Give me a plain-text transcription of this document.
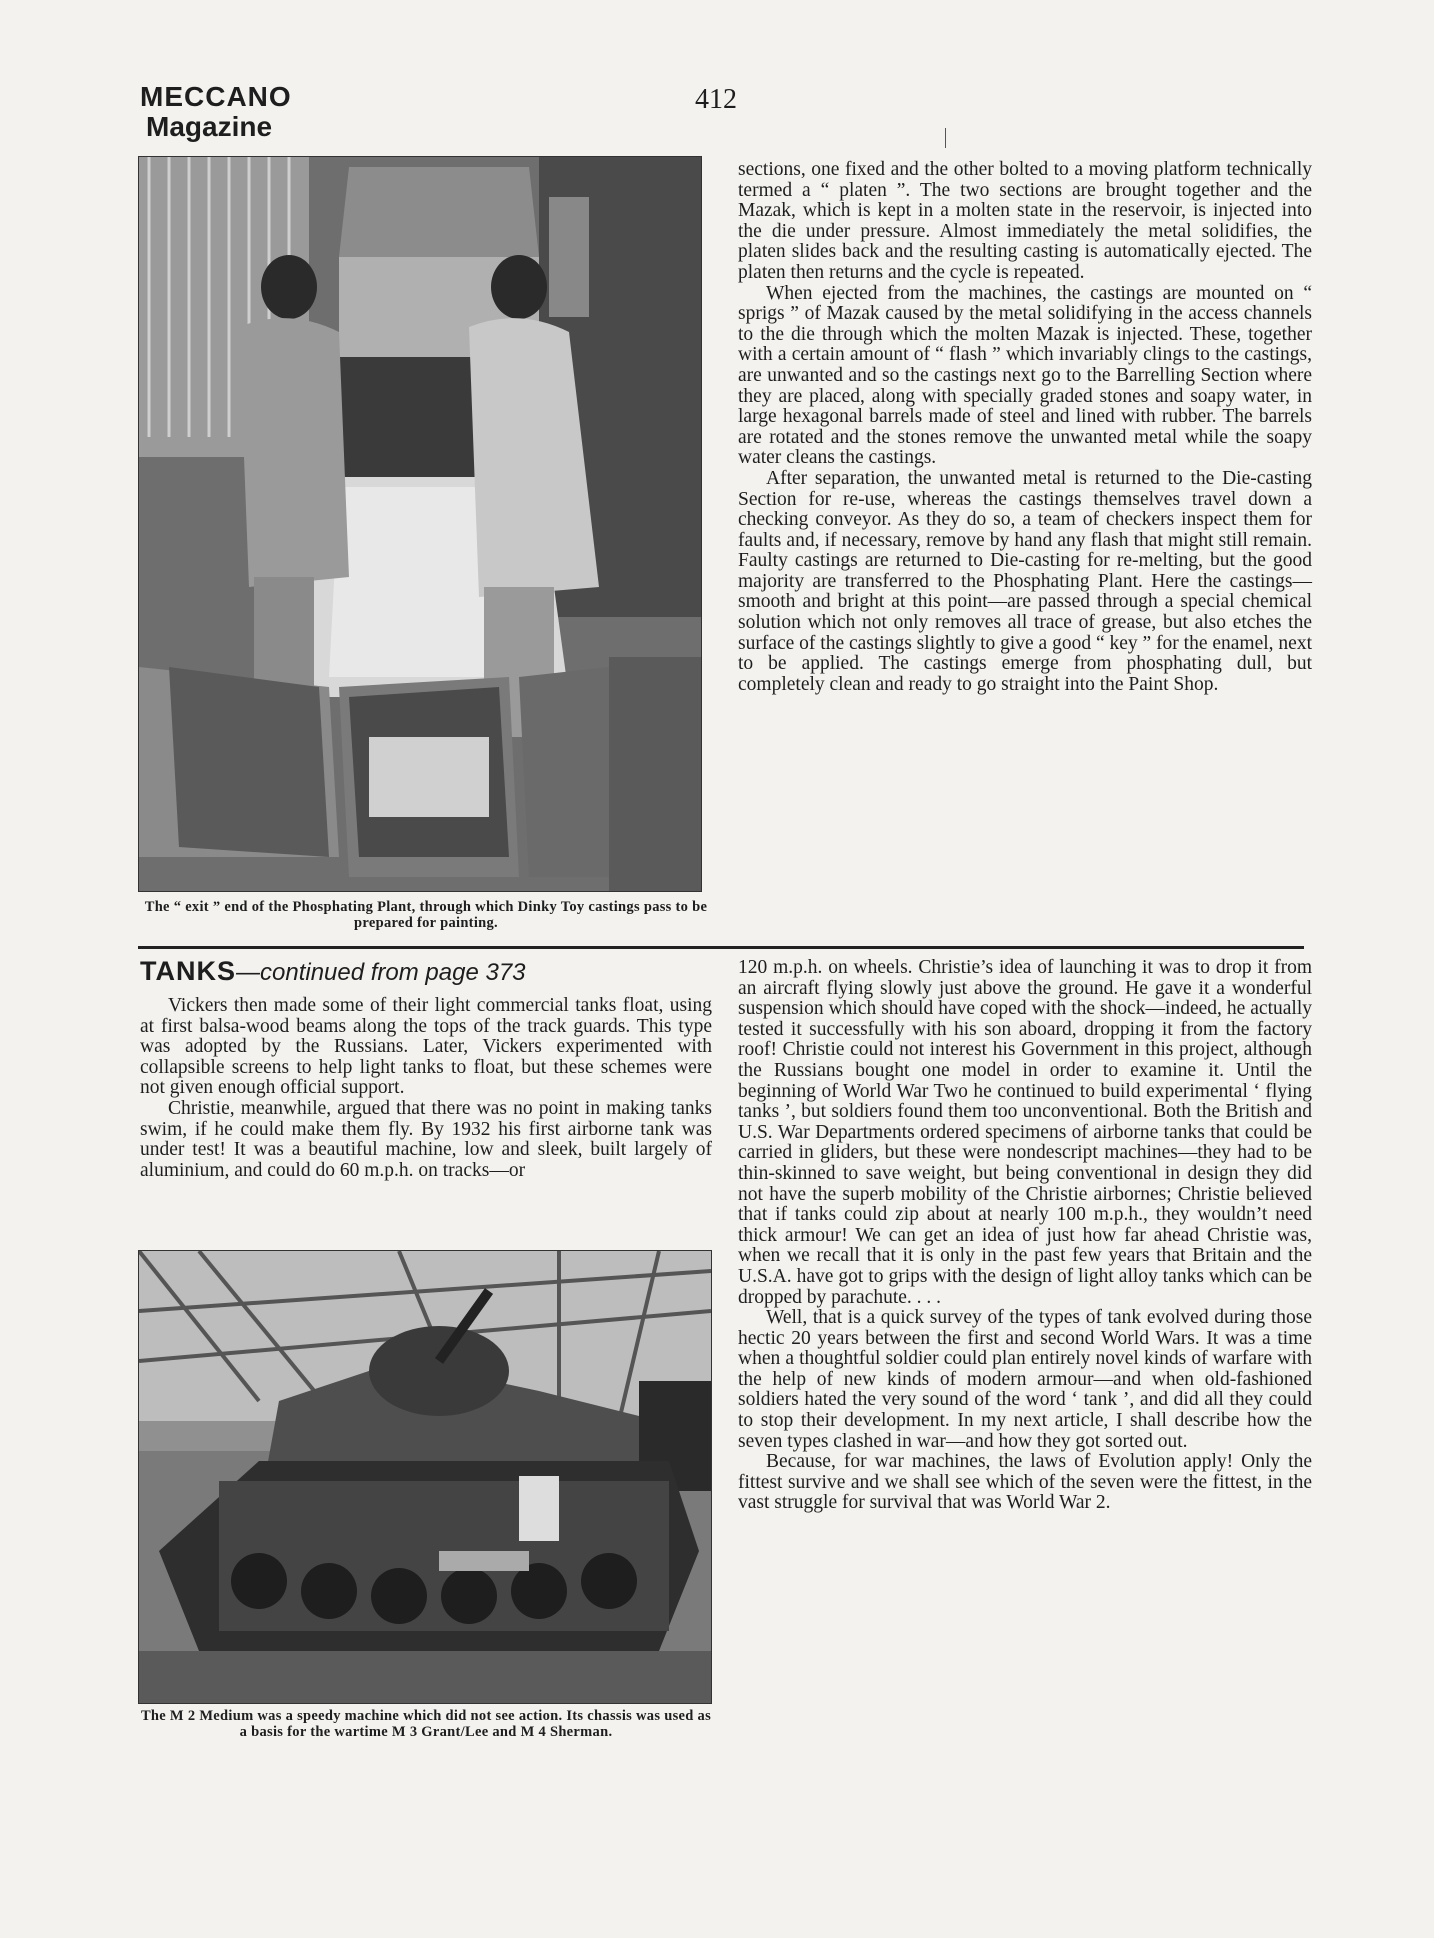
MECCANO
Magazine
412
The “ exit ” end of the Phosphating Plant, through which Dinky Toy castings pass to be prepared for painting.

sections, one fixed and the other bolted to a moving platform technically termed a “ platen ”. The two sections are brought together and the Mazak, which is kept in a molten state in the reservoir, is injected into the die under pressure. Almost immediately the metal solidifies, the platen slides back and the resulting casting is automatically ejected. The platen then returns and the cycle is repeated.

When ejected from the machines, the castings are mounted on “ sprigs ” of Mazak caused by the metal solidifying in the access channels to the die through which the molten Mazak is injected. These, together with a certain amount of “ flash ” which invariably clings to the castings, are unwanted and so the castings next go to the Barrelling Section where they are placed, along with specially graded stones and soapy water, in large hexagonal barrels made of steel and lined with rubber. The barrels are rotated and the stones remove the unwanted metal while the soapy water cleans the castings.

After separation, the unwanted metal is returned to the Die-casting Section for re-use, whereas the castings themselves travel down a checking conveyor. As they do so, a team of checkers inspect them for faults and, if necessary, remove by hand any flash that might still remain. Faulty castings are returned to Die-casting for re-melting, but the good majority are transferred to the Phosphating Plant. Here the castings—smooth and bright at this point—are passed through a special chemical solution which not only removes all trace of grease, but also etches the surface of the castings slightly to give a good “ key ” for the enamel, next to be applied. The castings emerge from phosphating dull, but completely clean and ready to go straight into the Paint Shop.

TANKS—continued from page 373

Vickers then made some of their light commercial tanks float, using at first balsa-wood beams along the tops of the track guards. This type was adopted by the Russians. Later, Vickers experimented with collapsible screens to help light tanks to float, but these schemes were not given enough official support.

Christie, meanwhile, argued that there was no point in making tanks swim, if he could make them fly. By 1932 his first airborne tank was under test! It was a beautiful machine, low and sleek, built largely of aluminium, and could do 60 m.p.h. on tracks—or

The M 2 Medium was a speedy machine which did not see action. Its chassis was used as a basis for the wartime M 3 Grant/Lee and M 4 Sherman.

120 m.p.h. on wheels. Christie’s idea of launching it was to drop it from an aircraft flying slowly just above the ground. He gave it a wonderful suspension which should have coped with the shock—indeed, he actually tested it successfully with his son aboard, dropping it from the factory roof! Christie could not interest his Government in this project, although the Russians bought one model in order to examine it. Until the beginning of World War Two he continued to build experimental ‘ flying tanks ’, but soldiers found them too unconventional. Both the British and U.S. War Departments ordered specimens of airborne tanks that could be carried in gliders, but these were nondescript machines—they had to be thin-skinned to save weight, but being conventional in design they did not have the superb mobility of the Christie airbornes; Christie believed that if tanks could zip about at nearly 100 m.p.h., they wouldn’t need thick armour! We can get an idea of just how far ahead Christie was, when we recall that it is only in the past few years that Britain and the U.S.A. have got to grips with the design of light alloy tanks which can be dropped by parachute. . . .

Well, that is a quick survey of the types of tank evolved during those hectic 20 years between the first and second World Wars. It was a time when a thoughtful soldier could plan entirely novel kinds of warfare with the help of new kinds of modern armour—and when old-fashioned soldiers hated the very sound of the word ‘ tank ’, and did all they could to stop their development. In my next article, I shall describe how the seven types clashed in war—and how they got sorted out.

Because, for war machines, the laws of Evolution apply! Only the fittest survive and we shall see which of the seven were the fittest, in the vast struggle for survival that was World War 2.
